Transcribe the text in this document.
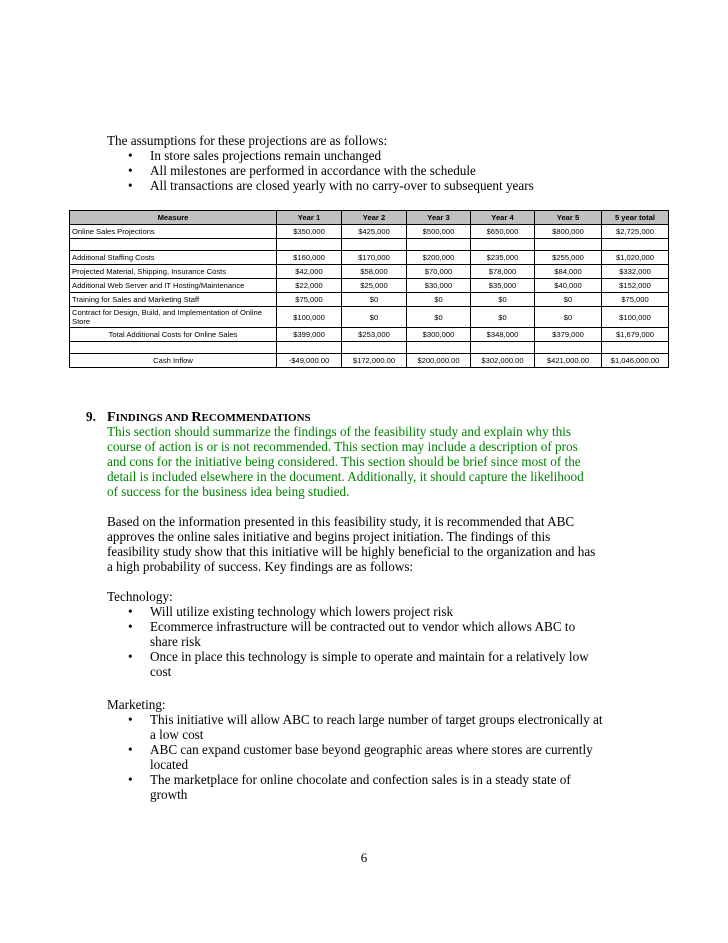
The assumptions for these projections are as follows:
• In store sales projections remain unchanged
• All milestones are performed in accordance with the schedule
• All transactions are closed yearly with no carry-over to subsequent years
Measure	Year 1	Year 2	Year 3	Year 4	Year 5	5 year total
Online Sales Projections	$350,000	$425,000	$500,000	$650,000	$800,000	$2,725,000

Additional Staffing Costs	$160,000	$170,000	$200,000	$235,000	$255,000	$1,020,000
Projected Material, Shipping, Insurance Costs	$42,000	$58,000	$70,000	$78,000	$84,000	$332,000
Additional Web Server and IT Hosting/Maintenance	$22,000	$25,000	$30,000	$35,000	$40,000	$152,000
Training for Sales and Marketing Staff	$75,000	$0	$0	$0	$0	$75,000
Contract for Design, Build, and Implementation of Online Store	$100,000	$0	$0	$0	$0	$100,000
Total Additional Costs for Online Sales	$399,000	$253,000	$300,000	$348,000	$379,000	$1,679,000

Cash Inflow	-$49,000.00	$172,000.00	$200,000.00	$302,000.00	$421,000.00	$1,046,000.00
9. FINDINGS AND RECOMMENDATIONS
This section should summarize the findings of the feasibility study and explain why this
course of action is or is not recommended. This section may include a description of pros
and cons for the initiative being considered. This section should be brief since most of the
detail is included elsewhere in the document. Additionally, it should capture the likelihood
of success for the business idea being studied.
Based on the information presented in this feasibility study, it is recommended that ABC
approves the online sales initiative and begins project initiation. The findings of this
feasibility study show that this initiative will be highly beneficial to the organization and has
a high probability of success. Key findings are as follows:
Technology:
• Will utilize existing technology which lowers project risk
• Ecommerce infrastructure will be contracted out to vendor which allows ABC to
share risk
• Once in place this technology is simple to operate and maintain for a relatively low
cost
Marketing:
• This initiative will allow ABC to reach large number of target groups electronically at
a low cost
• ABC can expand customer base beyond geographic areas where stores are currently
located
• The marketplace for online chocolate and confection sales is in a steady state of
growth
6
